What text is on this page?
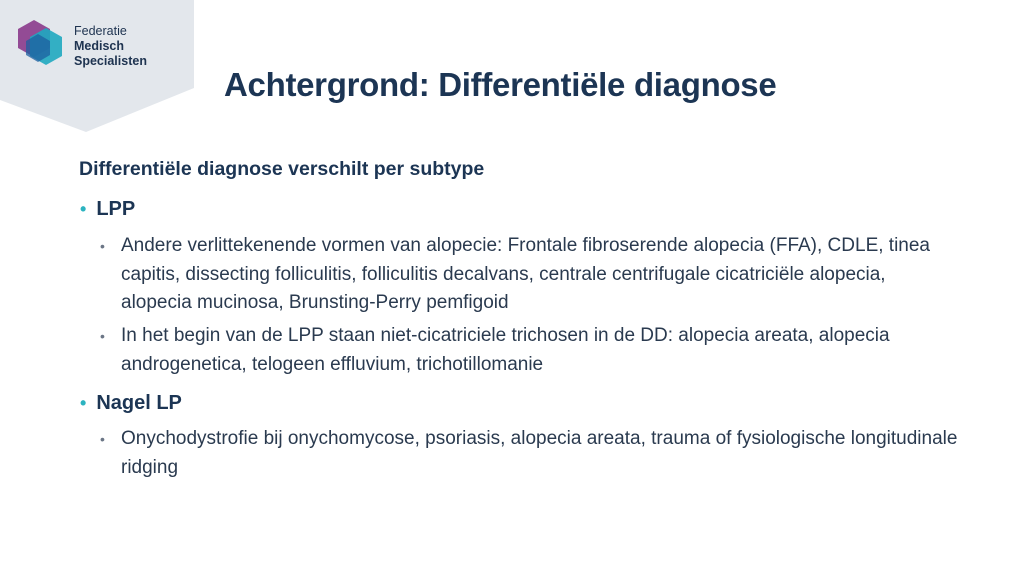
Federatie
Medisch
Specialisten
Achtergrond: Differentiële diagnose
Differentiële diagnose verschilt per subtype
• LPP
• Andere verlittekenende vormen van alopecie: Frontale fibroserende alopecia (FFA), CDLE, tinea capitis, dissecting folliculitis, folliculitis decalvans, centrale centrifugale cicatriciële alopecia, alopecia mucinosa, Brunsting-Perry pemfigoid
• In het begin van de LPP staan niet-cicatriciele trichosen in de DD: alopecia areata, alopecia androgenetica, telogeen effluvium, trichotillomanie
• Nagel LP
• Onychodystrofie bij onychomycose, psoriasis, alopecia areata, trauma of fysiologische longitudinale ridging
